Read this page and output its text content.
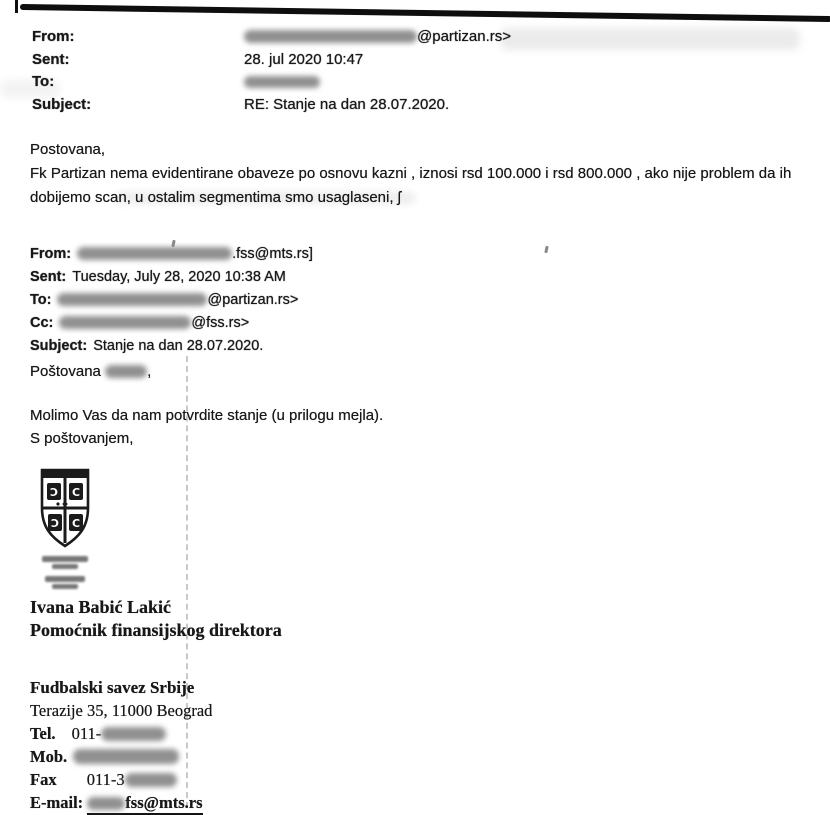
From:	@partizan.rs>
Sent:	28. jul 2020 10:47
To:
Subject:	RE: Stanje na dan 28.07.2020.

Postovana,

Fk Partizan nema evidentirane obaveze po osnovu kazni , iznosi rsd 100.000 i rsd 800.000 , ako nije problem da ih

dobijemo scan, u ostalim segmentima smo usaglaseni, ʃ

From:	.fss@mts.rs]
Sent: Tuesday, July 28, 2020 10:38 AM
To:	@partizan.rs>
Cc:	@fss.rs>
Subject: Stanje na dan 28.07.2020.
Poštovana	,
Molimo Vas da nam potvrdite stanje (u prilogu mejla).
S poštovanjem,
Ɔ C
Ɔ C
Ivana Babić Lakić
Pomoćnik finansijskog direktora
Fudbalski savez Srbije
Terazije 35, 11000 Beograd
Tel. 011-
Mob.
Fax 011-3
E-mail:	fss@mts.rs
